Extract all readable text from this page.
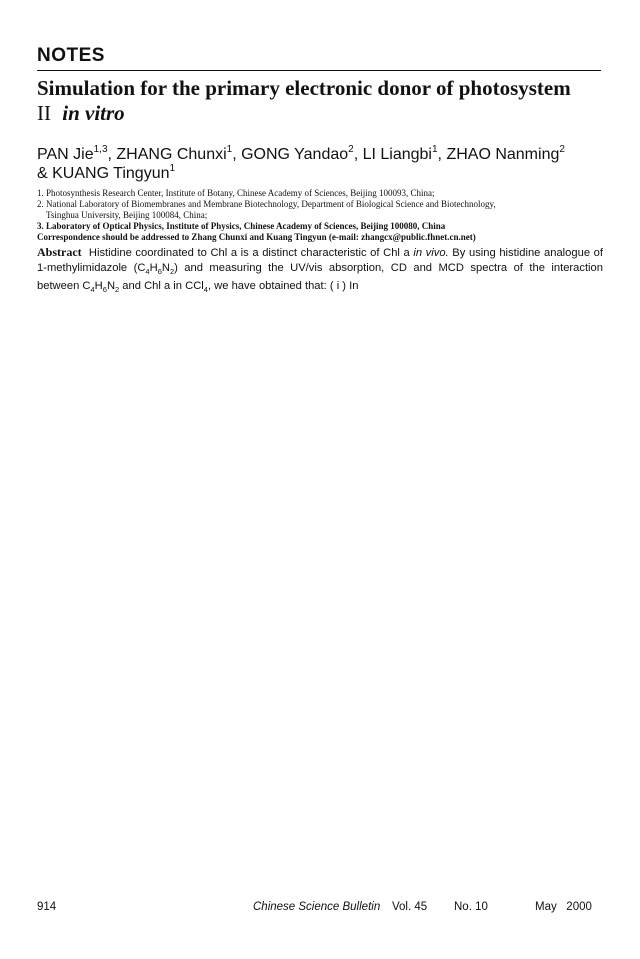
NOTES
Simulation for the primary electronic donor of photosystem
II in vitro
PAN Jie$^{1,3}$, ZHANG Chunxi$^1$, GONG Yandao$^2$, LI Liangbi$^1$, ZHAO Nanming$^2$
& KUANG Tingyun$^1$
1. Photosynthesis Research Center, Institute of Botany, Chinese Academy of Sciences, Beijing 100093, China;
2. National Laboratory of Biomembranes and Membrane Biotechnology, Department of Biological Science and Biotechnology,
Tsinghua University, Beijing 100084, China;
3. Laboratory of Optical Physics, Institute of Physics, Chinese Academy of Sciences, Beijing 100080, China
Correspondence should be addressed to Zhang Chunxi and Kuang Tingyun (e-mail: zhangcx@public.fhnet.cn.net)
Abstract Histidine coordinated to Chl a is a distinct characteristic of Chl a in vivo. By using histidine analogue of 1-methylimidazole $(C_4H_6N_2)$ and measuring the UV/vis absorption, CD and MCD spectra of the interaction between $C_4H_6N_2$ and Chl a in CCl$_4$, we have obtained that: ( i ) In
914	Chinese Science Bulletin Vol. 45 No. 10	May   2000
